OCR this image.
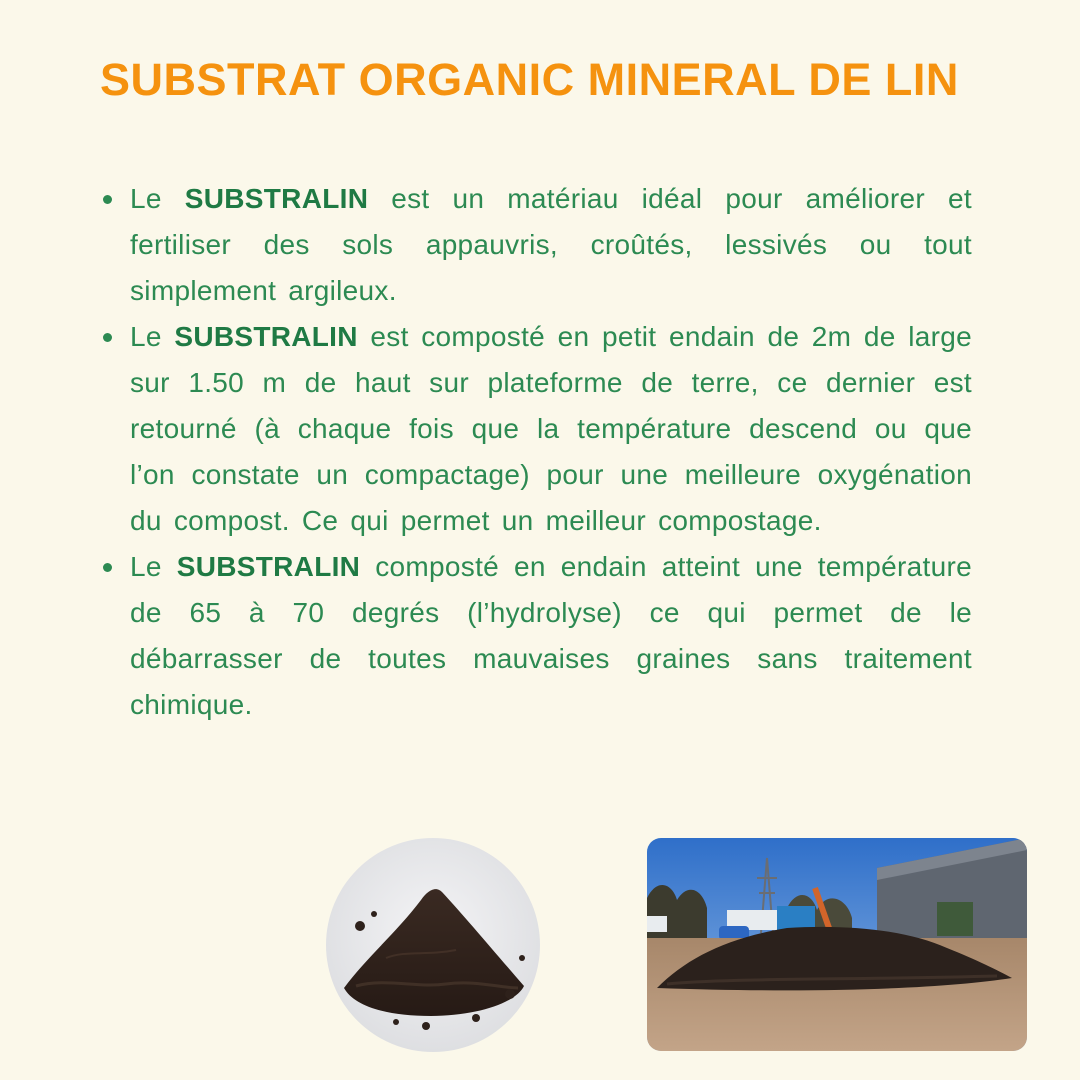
SUBSTRAT ORGANIC MINERAL DE LIN
Le SUBSTRALIN est un matériau idéal pour améliorer et fertiliser des sols appauvris, croûtés, lessivés ou tout simplement argileux.
Le SUBSTRALIN est composté en petit endain de 2m de large sur 1.50 m de haut sur plateforme de terre, ce dernier est retourné (à chaque fois que la température descend ou que l’on constate un compactage) pour une meilleure oxygénation du compost. Ce qui permet un meilleur compostage.
Le SUBSTRALIN composté en endain atteint une température de 65 à 70 degrés (l’hydrolyse) ce qui permet de le débarrasser de toutes mauvaises graines sans traitement chimique.
